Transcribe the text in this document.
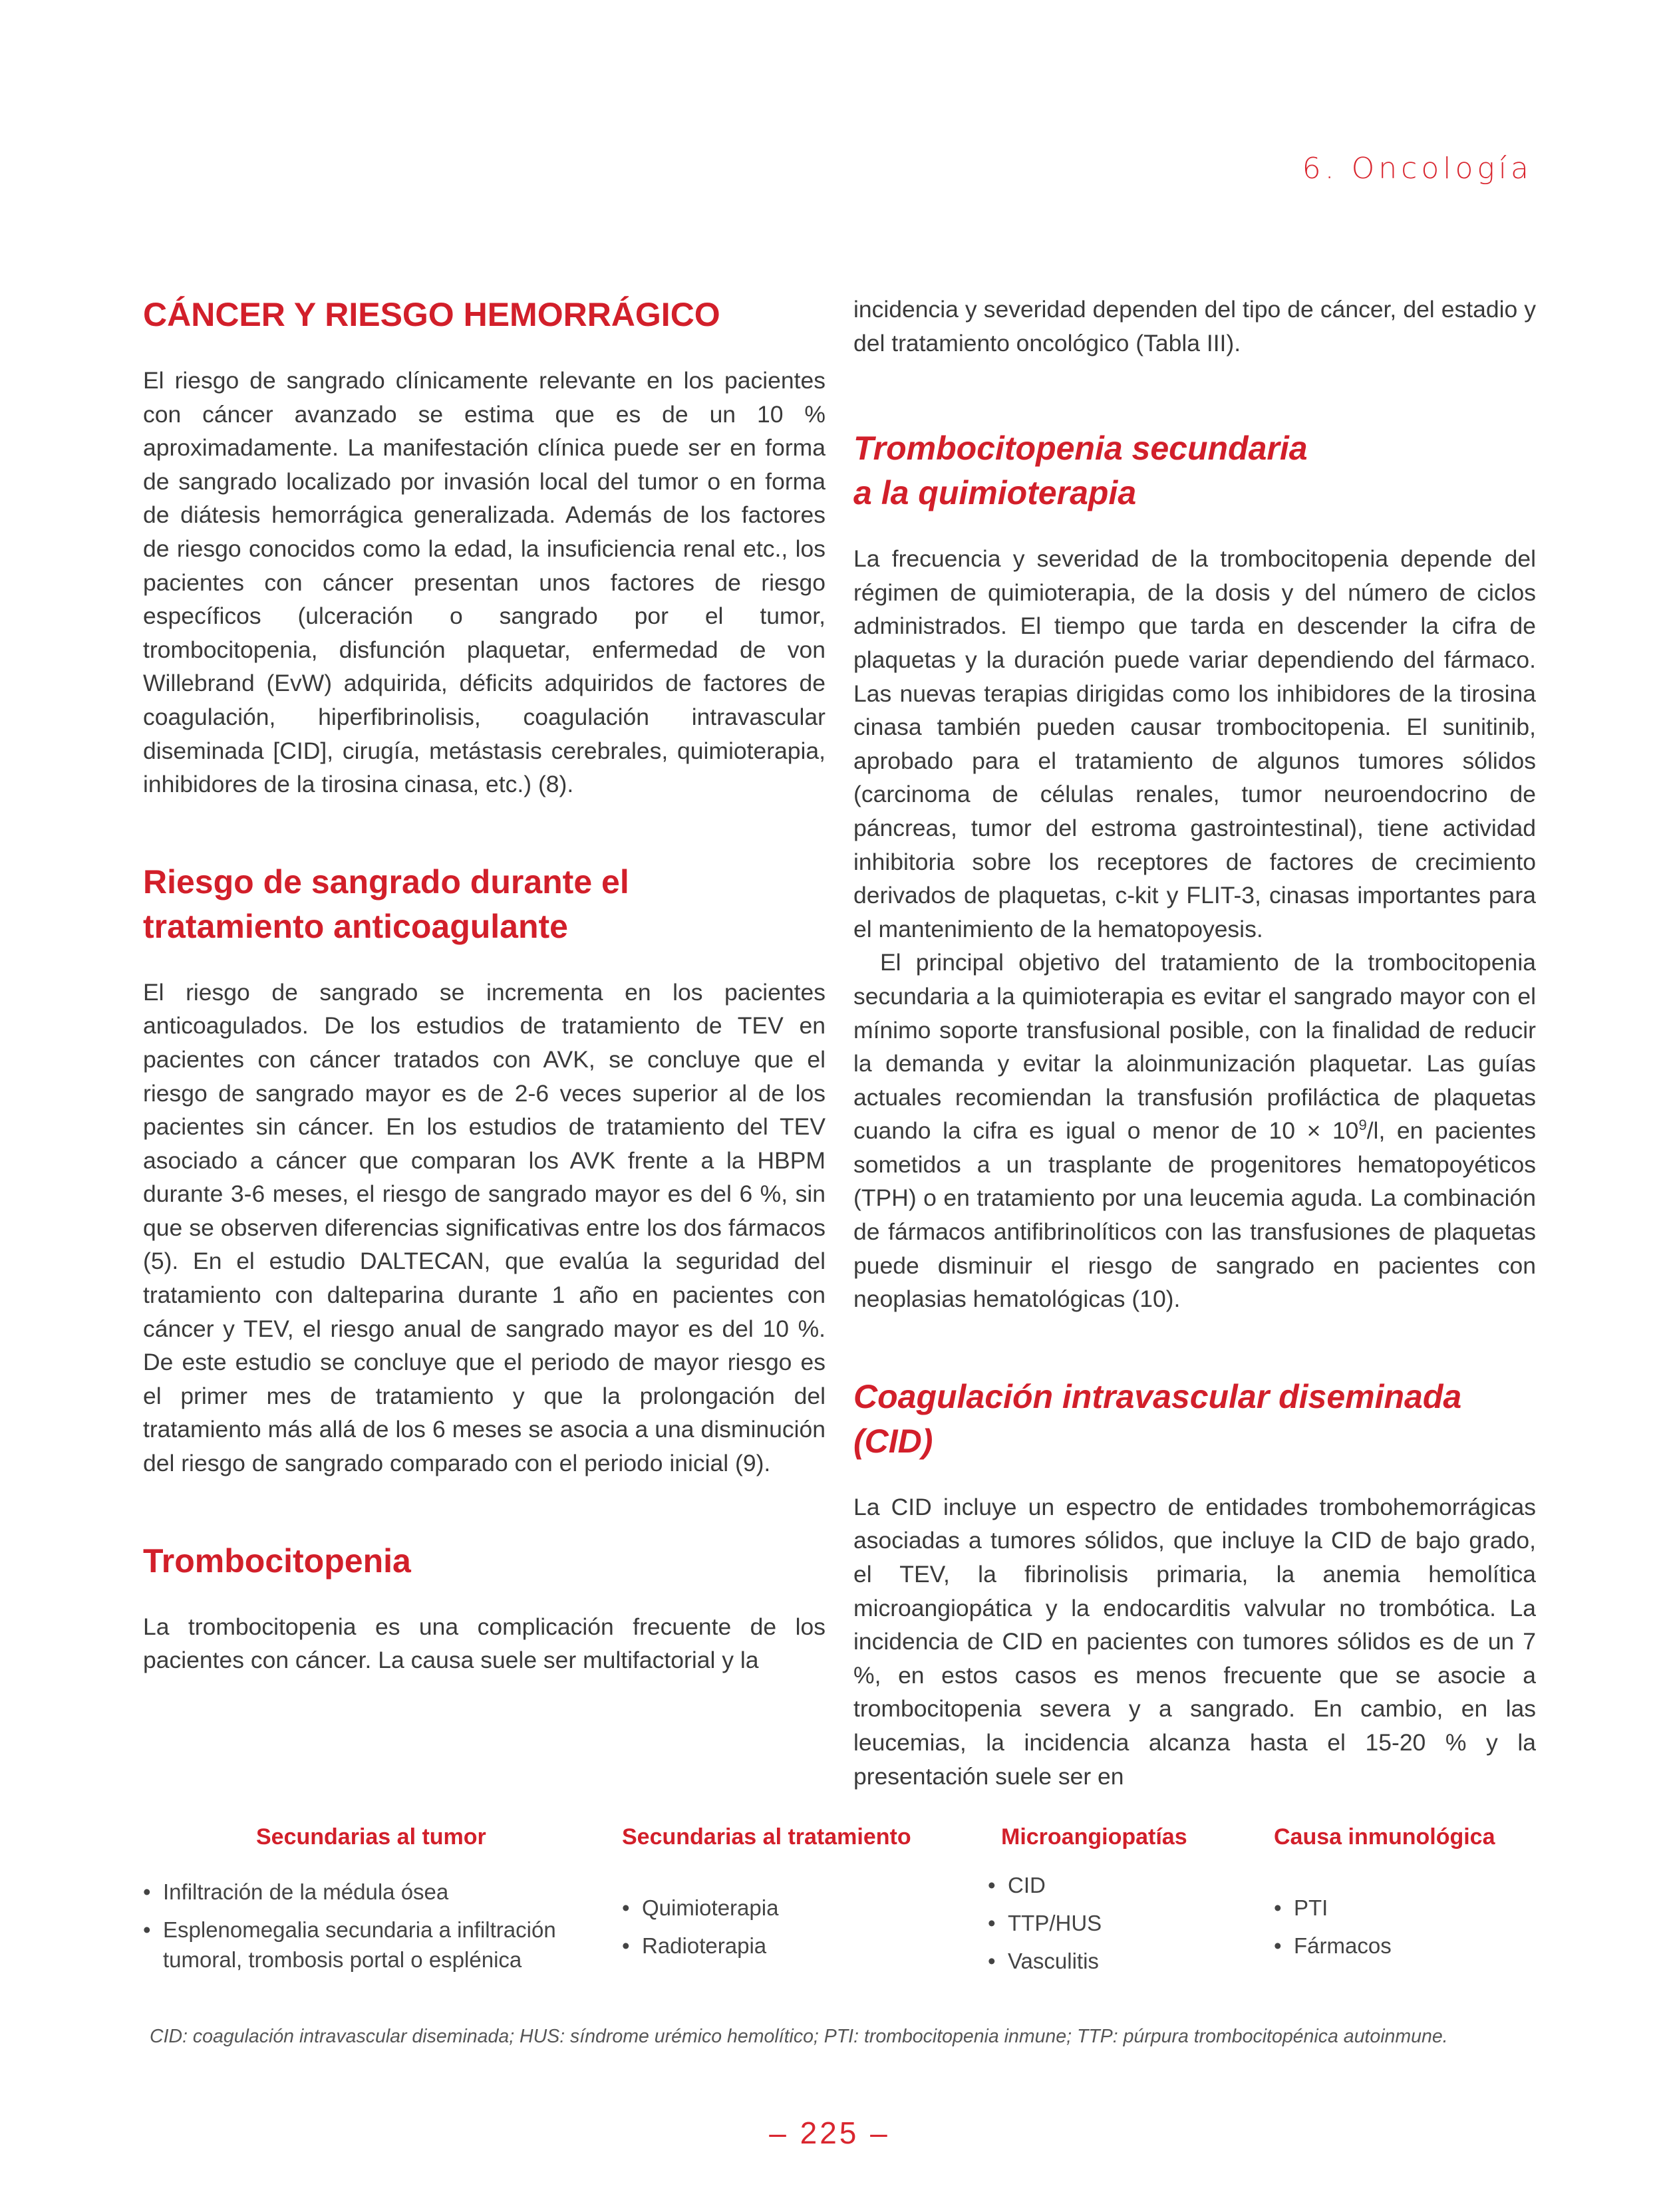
6. Oncología
CÁNCER Y RIESGO HEMORRÁGICO

El riesgo de sangrado clínicamente relevante en los pacientes con cáncer avanzado se estima que es de un 10 % aproximadamente. La manifestación clínica puede ser en forma de sangrado localizado por invasión local del tumor o en forma de diátesis hemorrágica generalizada. Además de los factores de riesgo conocidos como la edad, la insuficiencia renal etc., los pacientes con cáncer presentan unos factores de riesgo específicos (ulceración o sangrado por el tumor, trombocitopenia, disfunción plaquetar, enfermedad de von Willebrand (EvW) adquirida, déficits adquiridos de factores de coagulación, hiperfibrinolisis, coagulación intravascular diseminada [CID], cirugía, metástasis cerebrales, quimioterapia, inhibidores de la tirosina cinasa, etc.) (8).

Riesgo de sangrado durante el
tratamiento anticoagulante

El riesgo de sangrado se incrementa en los pacientes anticoagulados. De los estudios de tratamiento de TEV en pacientes con cáncer tratados con AVK, se concluye que el riesgo de sangrado mayor es de 2-6 veces superior al de los pacientes sin cáncer. En los estudios de tratamiento del TEV asociado a cáncer que comparan los AVK frente a la HBPM durante 3-6 meses, el riesgo de sangrado mayor es del 6 %, sin que se observen diferencias significativas entre los dos fármacos (5). En el estudio DALTECAN, que evalúa la seguridad del tratamiento con dalteparina durante 1 año en pacientes con cáncer y TEV, el riesgo anual de sangrado mayor es del 10 %. De este estudio se concluye que el periodo de mayor riesgo es el primer mes de tratamiento y que la prolongación del tratamiento más allá de los 6 meses se asocia a una disminución del riesgo de sangrado comparado con el periodo inicial (9).

Trombocitopenia

La trombocitopenia es una complicación frecuente de los pacientes con cáncer. La causa suele ser multifactorial y la

incidencia y severidad dependen del tipo de cáncer, del estadio y del tratamiento oncológico (Tabla III).

Trombocitopenia secundaria
a la quimioterapia

La frecuencia y severidad de la trombocitopenia depende del régimen de quimioterapia, de la dosis y del número de ciclos administrados. El tiempo que tarda en descender la cifra de plaquetas y la duración puede variar dependiendo del fármaco. Las nuevas terapias dirigidas como los inhibidores de la tirosina cinasa también pueden causar trombocitopenia. El sunitinib, aprobado para el tratamiento de algunos tumores sólidos (carcinoma de células renales, tumor neuroendocrino de páncreas, tumor del estroma gastrointestinal), tiene actividad inhibitoria sobre los receptores de factores de crecimiento derivados de plaquetas, c-kit y FLIT-3, cinasas importantes para el mantenimiento de la hematopoyesis.

El principal objetivo del tratamiento de la trombocitopenia secundaria a la quimioterapia es evitar el sangrado mayor con el mínimo soporte transfusional posible, con la finalidad de reducir la demanda y evitar la aloinmunización plaquetar. Las guías actuales recomiendan la transfusión profiláctica de plaquetas cuando la cifra es igual o menor de $10 \times 10^9/l$, en pacientes sometidos a un trasplante de progenitores hematopoyéticos (TPH) o en tratamiento por una leucemia aguda. La combinación de fármacos antifibrinolíticos con las transfusiones de plaquetas puede disminuir el riesgo de sangrado en pacientes con neoplasias hematológicas (10).

Coagulación intravascular diseminada (CID)

La CID incluye un espectro de entidades trombohemorrágicas asociadas a tumores sólidos, que incluye la CID de bajo grado, el TEV, la fibrinolisis primaria, la anemia hemolítica microangiopática y la endocarditis valvular no trombótica. La incidencia de CID en pacientes con tumores sólidos es de un 7 %, en estos casos es menos frecuente que se asocie a trombocitopenia severa y a sangrado. En cambio, en las leucemias, la incidencia alcanza hasta el 15-20 % y la presentación suele ser en

Secundarias al tumor
• Infiltración de la médula ósea
• Esplenomegalia secundaria a infiltración tumoral, trombosis portal o esplénica
Secundarias al tratamiento
• Quimioterapia
• Radioterapia
Microangiopatías
• CID
• TTP/HUS
• Vasculitis
Causa inmunológica
• PTI
• Fármacos
CID: coagulación intravascular diseminada; HUS: síndrome urémico hemolítico; PTI: trombocitopenia inmune; TTP: púrpura trombocitopénica autoinmune.
– 225 –
